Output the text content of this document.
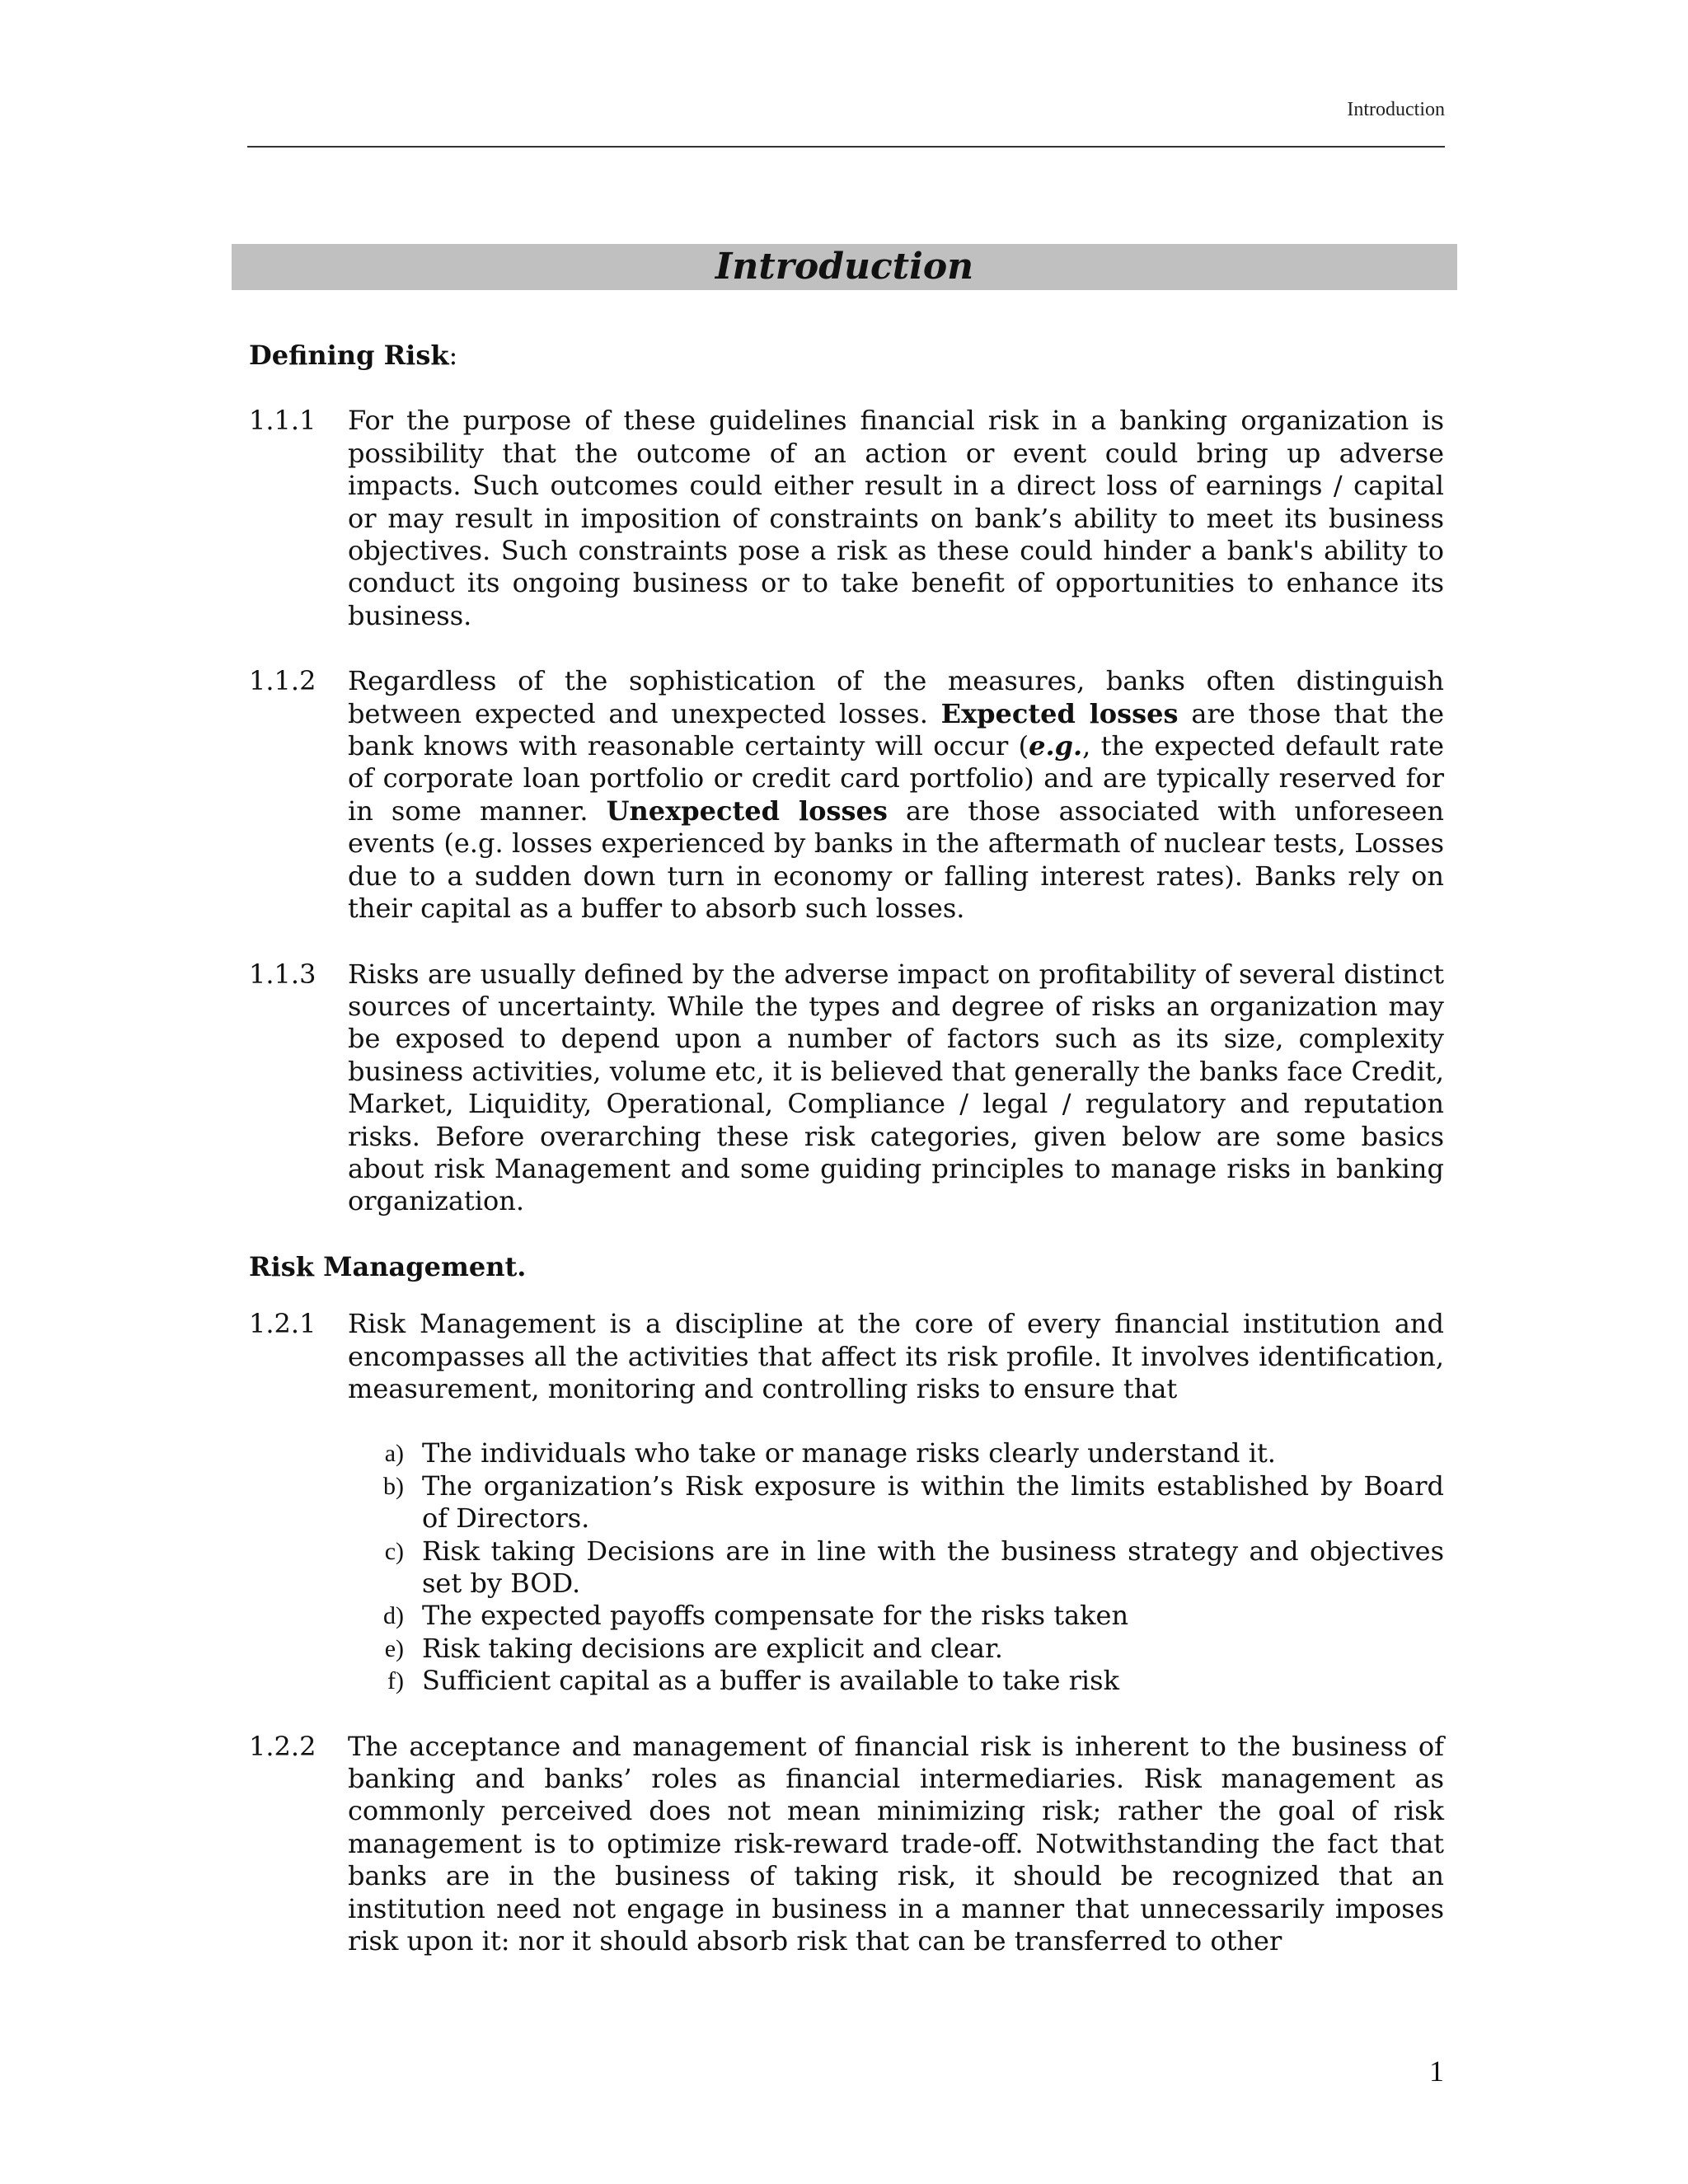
Introduction
Introduction

Defining Risk:

1.1.1	For the purpose of these guidelines financial risk in a banking organization is possibility that the outcome of an action or event could bring up adverse impacts. Such outcomes could either result in a direct loss of earnings / capital or may result in imposition of constraints on bank’s ability to meet its business objectives. Such constraints pose a risk as these could hinder a bank's ability to conduct its ongoing business or to take benefit of opportunities to enhance its business.
1.1.2	Regardless of the sophistication of the measures, banks often distinguish between expected and unexpected losses. Expected losses are those that the bank knows with reasonable certainty will occur (e.g., the expected default rate of corporate loan portfolio or credit card portfolio) and are typically reserved for in some manner. Unexpected losses are those associated with unforeseen events (e.g. losses experienced by banks in the aftermath of nuclear tests, Losses due to a sudden down turn in economy or falling interest rates). Banks rely on their capital as a buffer to absorb such losses.
1.1.3	Risks are usually defined by the adverse impact on profitability of several distinct sources of uncertainty. While the types and degree of risks an organization may be exposed to depend upon a number of factors such as its size, complexity business activities, volume etc, it is believed that generally the banks face Credit, Market, Liquidity, Operational, Compliance / legal / regulatory and reputation risks. Before overarching these risk categories, given below are some basics about risk Management and some guiding principles to manage risks in banking organization.

Risk Management.

1.2.1	Risk Management is a discipline at the core of every financial institution and encompasses all the activities that affect its risk profile. It involves identification, measurement, monitoring and controlling risks to ensure that
a) The individuals who take or manage risks clearly understand it.
b) The organization’s Risk exposure is within the limits established by Board of Directors.
c) Risk taking Decisions are in line with the business strategy and objectives set by BOD.
d) The expected payoffs compensate for the risks taken
e) Risk taking decisions are explicit and clear.
f) Sufficient capital as a buffer is available to take risk
1.2.2	The acceptance and management of financial risk is inherent to the business of banking and banks’ roles as financial intermediaries. Risk management as commonly perceived does not mean minimizing risk; rather the goal of risk management is to optimize risk-reward trade-off. Notwithstanding the fact that banks are in the business of taking risk, it should be recognized that an institution need not engage in business in a manner that unnecessarily imposes risk upon it: nor it should absorb risk that can be transferred to other
1
